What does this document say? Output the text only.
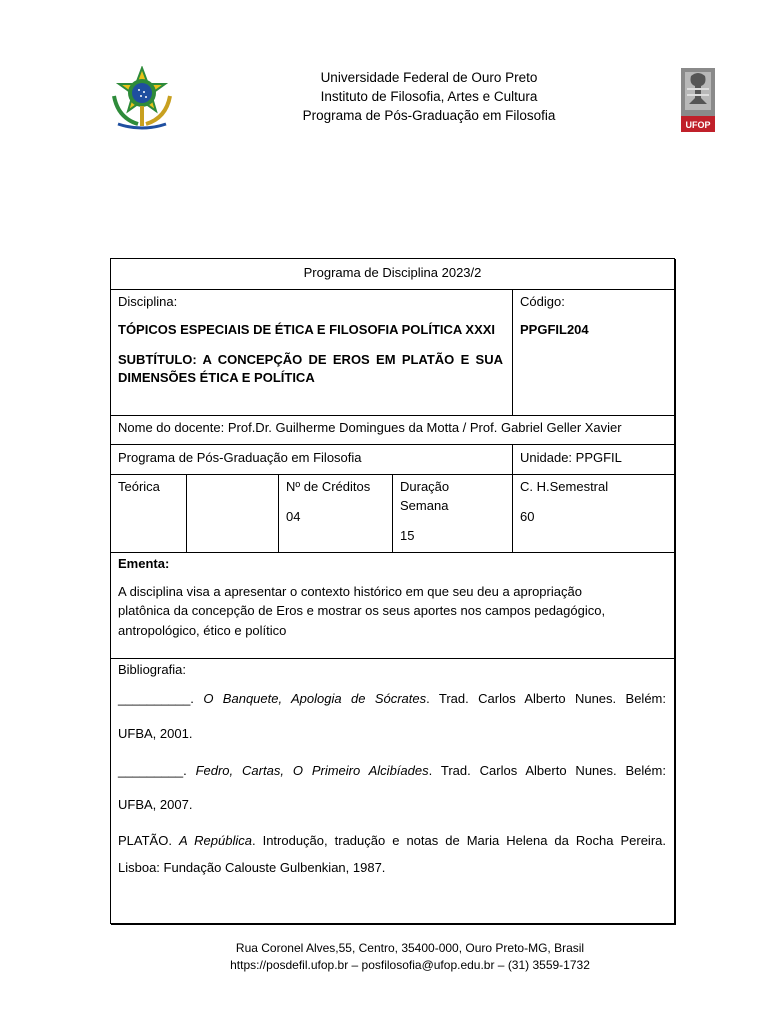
Universidade Federal de Ouro Preto
Instituto de Filosofia, Artes e Cultura
Programa de Pós-Graduação em Filosofia
UFOP
Programa de Disciplina 2023/2
Disciplina:
TÓPICOS ESPECIAIS DE ÉTICA E FILOSOFIA POLÍTICA XXXI
SUBTÍTULO: A CONCEPÇÃO DE EROS EM PLATÃO E SUA
DIMENSÕES ÉTICA E POLÍTICA
Código:
PPGFIL204
Nome do docente: Prof.Dr. Guilherme Domingues da Motta / Prof. Gabriel Geller Xavier
Programa de Pós-Graduação em Filosofia	Unidade: PPGFIL
Teórica	Nº de Créditos
04
Duração
Semana
15
C. H.Semestral
60
Ementa:
A disciplina visa a apresentar o contexto histórico em que seu deu a apropriação
platônica da concepção de Eros e mostrar os seus aportes nos campos pedagógico,
antropológico, ético e político
Bibliografia:
__________. O Banquete, Apologia de Sócrates. Trad. Carlos Alberto Nunes. Belém:
UFBA, 2001.
_________. Fedro, Cartas, O Primeiro Alcibíades. Trad. Carlos Alberto Nunes. Belém:
UFBA, 2007.
PLATÃO. A República. Introdução, tradução e notas de Maria Helena da Rocha Pereira.
Lisboa: Fundação Calouste Gulbenkian, 1987.
Rua Coronel Alves,55, Centro, 35400-000, Ouro Preto-MG, Brasil
https://posdefil.ufop.br – posfilosofia@ufop.edu.br – (31) 3559-1732
